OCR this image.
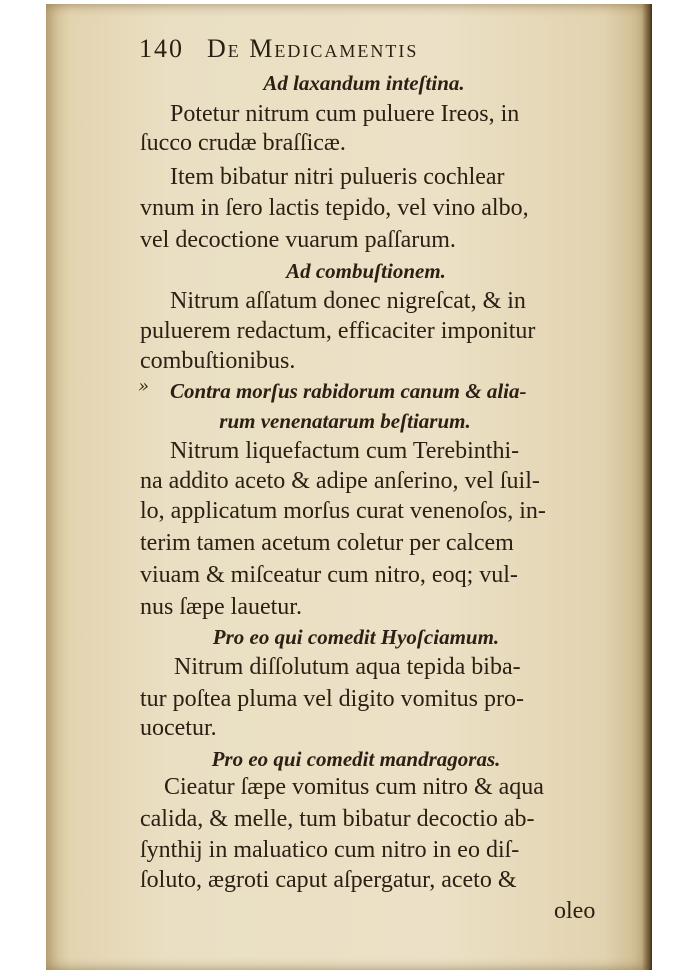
140 De Medicamentis
»
Ad laxandum inteſtina.
Potetur nitrum cum puluere Ireos, in
ſucco crudæ braſſicæ.
Item bibatur nitri pulueris cochlear
vnum in ſero lactis tepido, vel vino albo,
vel decoctione vuarum paſſarum.
Ad combuſtionem.
Nitrum aſſatum donec nigreſcat, & in
puluerem redactum, efficaciter imponitur
combuſtionibus.
Contra morſus rabidorum canum & alia-
rum venenatarum beſtiarum.
Nitrum liquefactum cum Terebinthi-
na addito aceto & adipe anſerino, vel ſuil-
lo, applicatum morſus curat venenoſos, in-
terim tamen acetum coletur per calcem
viuam & miſceatur cum nitro, eoq; vul-
nus ſæpe lauetur.
Pro eo qui comedit Hyoſciamum.
Nitrum diſſolutum aqua tepida biba-
tur poſtea pluma vel digito vomitus pro-
uocetur.
Pro eo qui comedit mandragoras.
Cieatur ſæpe vomitus cum nitro & aqua
calida, & melle, tum bibatur decoctio ab-
ſynthij in maluatico cum nitro in eo diſ-
ſoluto, ægroti caput aſpergatur, aceto &
oleo
